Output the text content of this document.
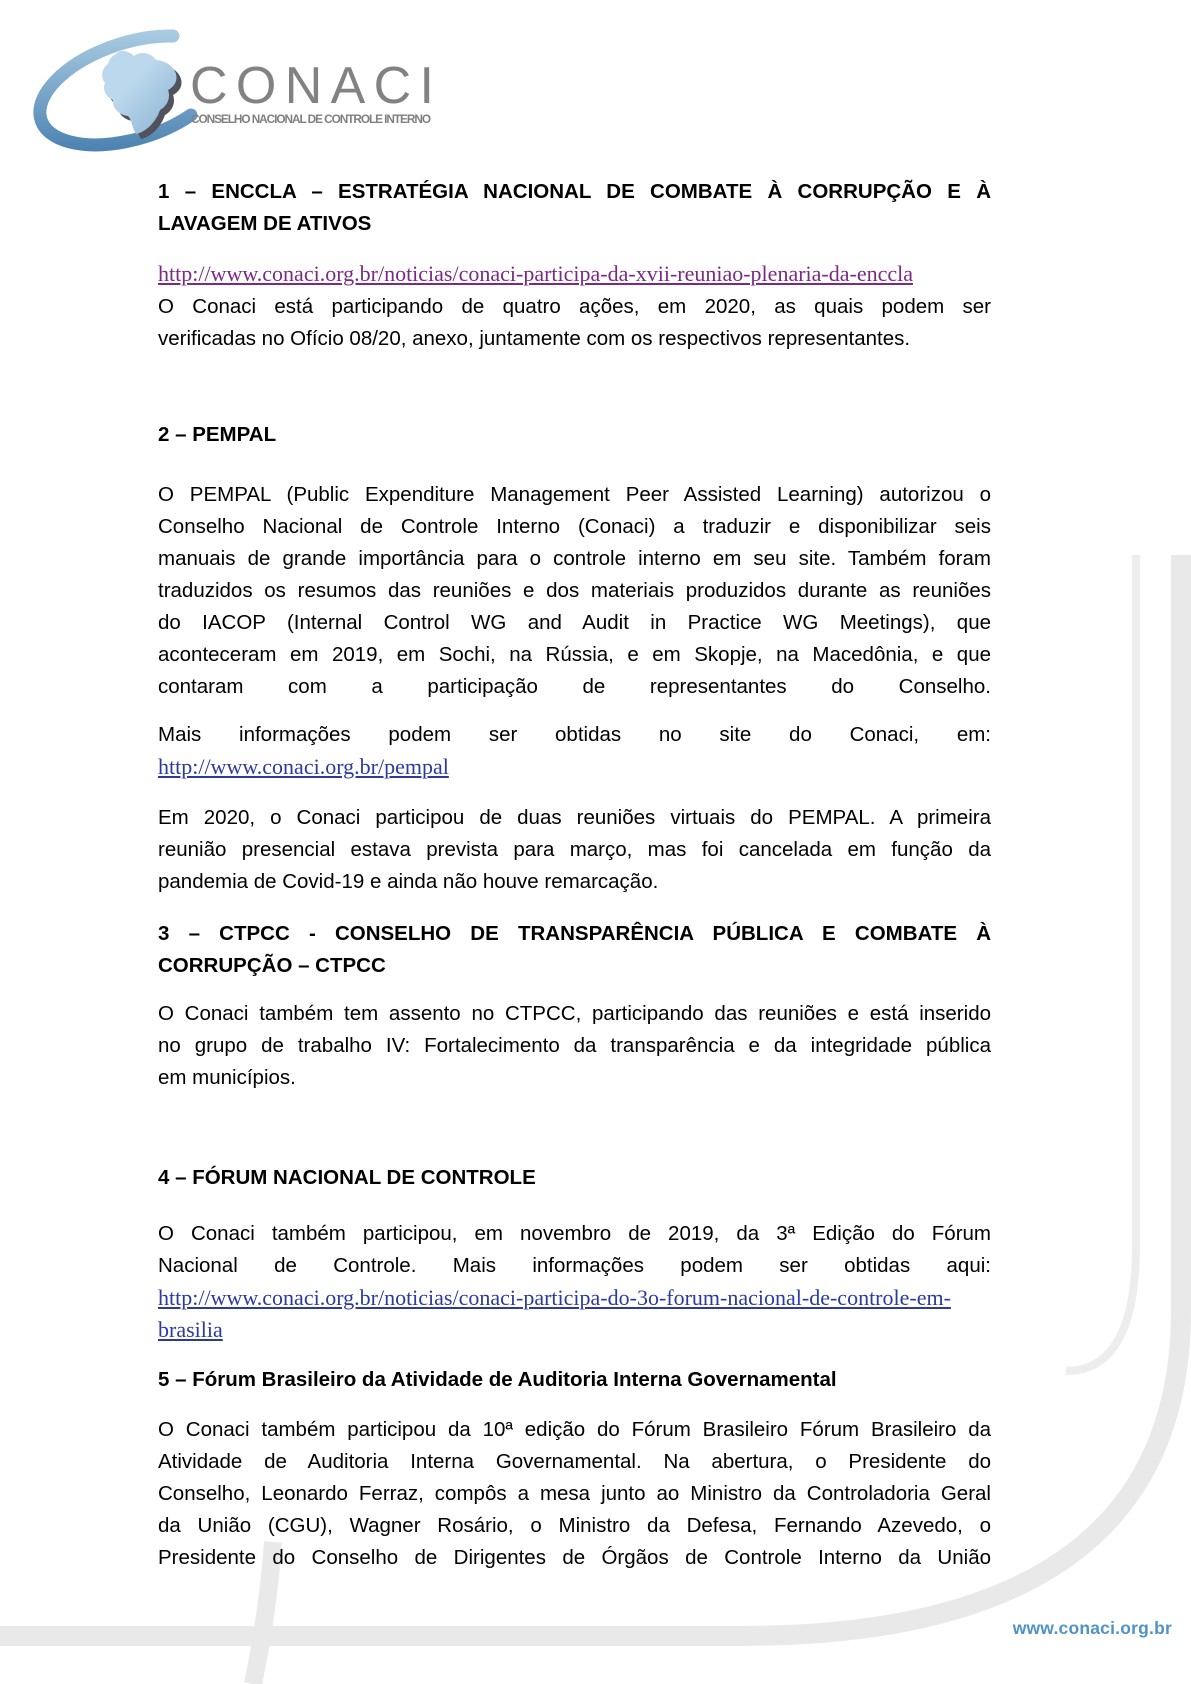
CONACI
CONSELHO NACIONAL DE CONTROLE INTERNO
1 – ENCCLA – ESTRATÉGIA NACIONAL DE COMBATE À CORRUPÇÃO E À
LAVAGEM DE ATIVOS

http://www.conaci.org.br/noticias/conaci-participa-da-xvii-reuniao-plenaria-da-enccla

O Conaci está participando de quatro ações, em 2020, as quais podem ser
verificadas no Ofício 08/20, anexo, juntamente com os respectivos representantes.
2 – PEMPAL
O PEMPAL (Public Expenditure Management Peer Assisted Learning) autorizou o
Conselho Nacional de Controle Interno (Conaci) a traduzir e disponibilizar seis
manuais de grande importância para o controle interno em seu site. Também foram
traduzidos os resumos das reuniões e dos materiais produzidos durante as reuniões
do IACOP (Internal Control WG and Audit in Practice WG Meetings), que
aconteceram em 2019, em Sochi, na Rússia, e em Skopje, na Macedônia, e que
contaram com a participação de representantes do Conselho.
Mais informações podem ser obtidas no site do Conaci, em:
http://www.conaci.org.br/pempal
Em 2020, o Conaci participou de duas reuniões virtuais do PEMPAL. A primeira
reunião presencial estava prevista para março, mas foi cancelada em função da
pandemia de Covid-19 e ainda não houve remarcação.
3 – CTPCC - CONSELHO DE TRANSPARÊNCIA PÚBLICA E COMBATE À
CORRUPÇÃO – CTPCC
O Conaci também tem assento no CTPCC, participando das reuniões e está inserido
no grupo de trabalho IV: Fortalecimento da transparência e da integridade pública
em municípios.
4 – FÓRUM NACIONAL DE CONTROLE
O Conaci também participou, em novembro de 2019, da 3ª Edição do Fórum
Nacional de Controle. Mais informações podem ser obtidas aqui:
http://www.conaci.org.br/noticias/conaci-participa-do-3o-forum-nacional-de-controle-em-
brasilia
5 – Fórum Brasileiro da Atividade de Auditoria Interna Governamental
O Conaci também participou da 10ª edição do Fórum Brasileiro Fórum Brasileiro da
Atividade de Auditoria Interna Governamental. Na abertura, o Presidente do
Conselho, Leonardo Ferraz, compôs a mesa junto ao Ministro da Controladoria Geral
da União (CGU), Wagner Rosário, o Ministro da Defesa, Fernando Azevedo, o
Presidente do Conselho de Dirigentes de Órgãos de Controle Interno da União
www.conaci.org.br
